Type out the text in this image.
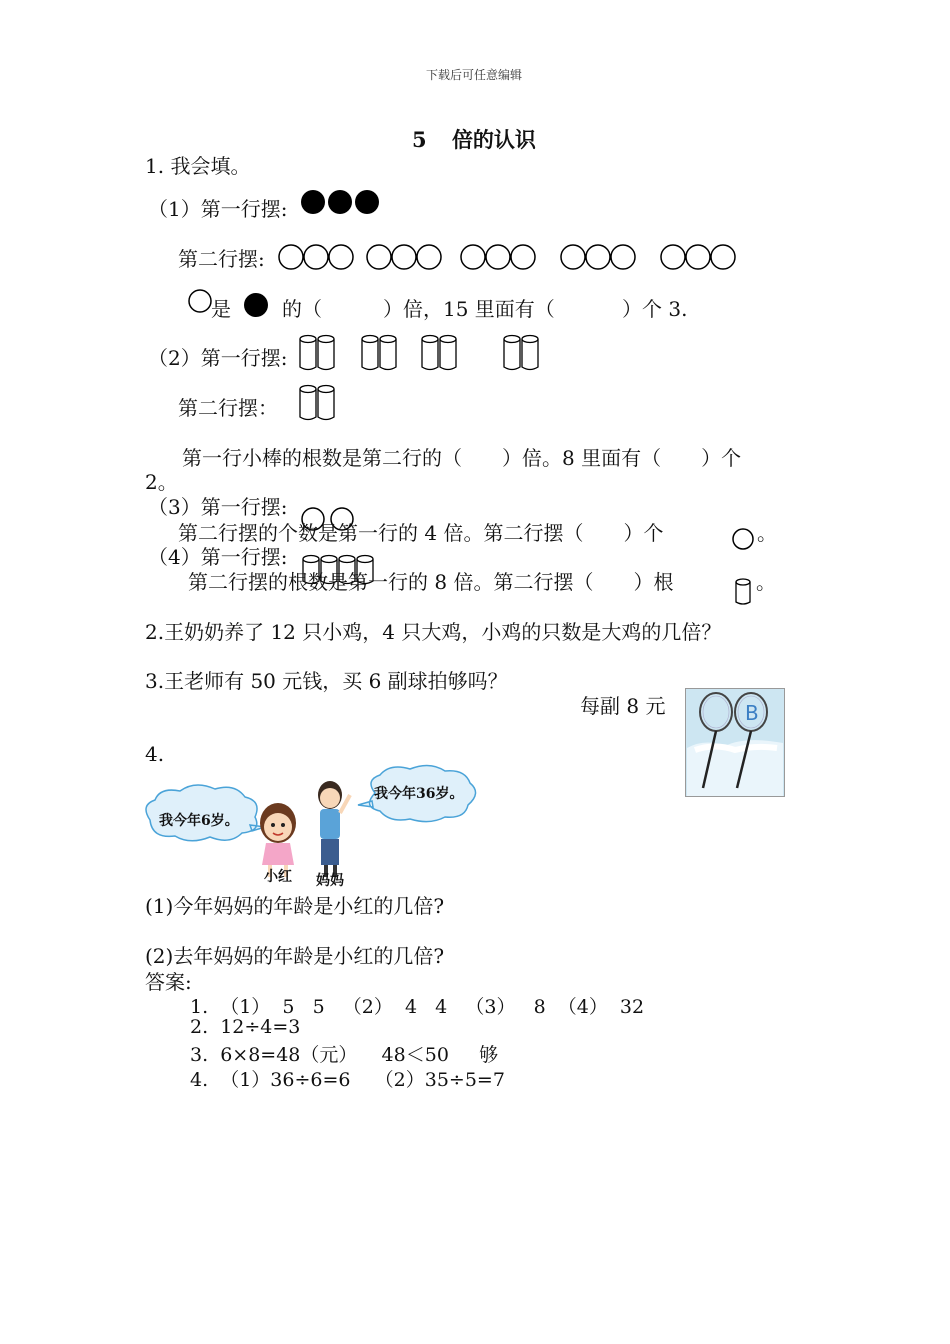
下载后可任意编辑
5 倍的认识
1. 我会填。
（1）第一行摆:
第二行摆:
是	的（	）倍，15 里面有（	）个 3.
（2）第一行摆:
第二行摆：
第一行小棒的根数是第二行的（　　）倍。8 里面有（　　）个
2。
（3）第一行摆:
第二行摆的个数是第一行的 4 倍。第二行摆（　　）个	。
（4）第一行摆:
第二行摆的根数是第一行的 8 倍。第二行摆（　　）根	。
2.王奶奶养了 12 只小鸡，4 只大鸡，小鸡的只数是大鸡的几倍？
3.王老师有 50 元钱，买 6 副球拍够吗？
每副 8 元	B
4.
我今年6岁。
我今年36岁。
小红 妈妈
(1)今年妈妈的年龄是小红的几倍?
(2)去年妈妈的年龄是小红的几倍?
答案:
1.  （1）  5   5   （2）  4   4   （3）   8  （4）  32
2.  12÷4=3
3.  6×8=48（元）    48＜50     够
4.  （1）36÷6=6    （2）35÷5=7
